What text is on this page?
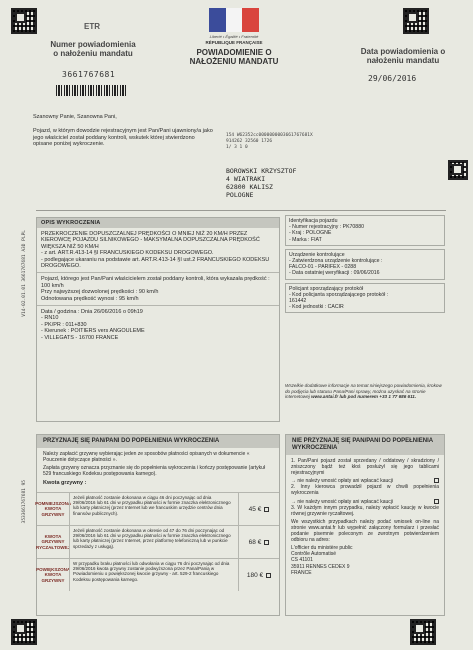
ETR
Numer powiadomienia o nałożeniu mandatu
3661767681
Liberté • Égalité • Fraternité
RÉPUBLIQUE FRANÇAISE
POWIADOMIENIE O NAŁOŻENIU MANDATU
Data powiadomienia o nałożeniu mandatu
29/06/2016
V14-02.01.01 3661767681 A3D PLPL
3533661767681 95
Szanowny Panie, Szanowna Pani,
Pojazd, w którym dowodzie rejestracyjnym jest Pan/Pani ujawniony/a jako jego właściciel został poddany kontroli, wskutek której stwierdzono opisane poniżej wykroczenie.
154 W62352cc0000000003661767681X
914262 32560 1726
1/ 3 1 0
BOROWSKI KRZYSZTOF
4 WIATRAKI
62800 KALISZ
POLOGNE
OPIS WYKROCZENIA
PRZEKROCZENIE DOPUSZCZALNEJ PRĘDKOŚCI O MNIEJ NIŻ 20 KM/H PRZEZ KIEROWCĘ POJAZDU SILNIKOWEGO - MAKSYMALNA DOPUSZCZALNA PRĘDKOŚĆ WIĘKSZA NIŻ 50 KM/H
- z art. ART.R.413-14 §I FRANCUSKIEGO KODEKSU DROGOWEGO.
- podlegające ukaraniu na podstawie art. ART.R.413-14 §I ust.2 FRANCUSKIEGO KODEKSU DROGOWEGO.
Pojazd, którego jest Pan/Pani właścicielem został poddany kontroli, która wykazała prędkość : 100 km/h
Przy najwyższej dozwolonej prędkości : 90 km/h
Odnotowana prędkość wynosi : 95 km/h
Data / godzina : Dnia 26/06/2016 o 09h19
- RN10
- PK/PR : 011+830
- Kierunek : POITIERS vers ANGOULEME
- VILLEGATS - 16700 FRANCE
Identyfikacja pojazdu
- Numer rejestracyjny : PK70880
- Kraj : POLOGNE
- Marka : FIAT
Urządzenie kontrolujące
- Zatwierdzona urządzenie kontrolujące :
FALCO-01 - PARIFEX - 0288
- Data ostatniej weryfikacji : 09/06/2016
Policjant sporządzający protokół
- Kod policjanta sporządzającego protokół :
161442
- Kod jednostki : CACIR
Wszelkie dodatkowe informacje na temat niniejszego powiadomienia, krokow do podjęcia lub statusu Pana/Pani sprawy, można uzyskać na stronie internetowej www.antai.fr lub pod numerem +33 1 77 686 611.
PRZYZNAJĘ SIĘ PAN/PANI DO POPEŁNIENIA WYKROCZENIA
Należy zapłacić grzywnę wybierając jeden ze sposobów płatności opisanych w dokumencie « Pouczenie dotyczące płatności ».
Zapłata grzywny oznacza przyznanie się do popełnienia wykroczenia i kończy postępowanie (artykuł 529 francuskiego Kodeksu postępowania karnego).
Kwota grzywny :
POMNIEJSZONA KWOTA GRZYWNY
Jeżeli płatność zostanie dokonana w ciągu 46 dni poczynając od dnia 29/06/2016 lub 61 dni w przypadku płatności w formie znaczka elektronicznego lub karty płatniczej (przez Internet lub we francuskim urzędzie centrów dnia finansów publicznych).
45 €
KWOTA GRZYWNY RYCZAŁTOWEJ
Jeżeli płatność zostanie dokonana w okresie od 47 do 76 dni poczynając od 29/06/2016 lub 61 dni w przypadku płatności w formie znaczka elektronicznego lub karty płatniczej (przez Internet, przez platformę telefoniczną lub w punkcie sprzedaży z usługą).
68 €
POWIĘKSZONA KWOTA GRZYWNY
W przypadku braku płatności lub odwołania w ciągu 76 dni poczynając od dnia 29/06/2016 kwota grzywny zostanie podwyższona przez Pana/Panią w Powiadomieniu o powiększonej kwocie grzywny - art. 529-2 francuskiego Kodeksu postępowania karnego.
180 €
NIE PRZYZNAJĘ SIĘ PAN/PANI DO POPEŁNIENIA WYKROCZENIA

1. Pan/Pani pojazd został sprzedany / oddatowy / skradziony / zniszczony bądź też kłoś posłużył się jego tablicami rejestracyjnymi

→ nie należy wnosić opłaty ani wpłacać kaucji

2. Inny kierowca prowadził pojazd w chwili popełnienia wykroczenia

→ nie należy wnosić opłaty ani wpłacać kaucji

3. W każdym innym przypadku, należy wpłacić kaucję w kwocie równej grzywnie ryczałtowej.

We wszystkich przypadkach należy podać wniosek on-line na stronie www.antai.fr lub wypełnić załączony formularz i przesłać podanie pisemnie poleconym ze zwrotnym potwierdzeniem odbioru na adres:

L'officier du ministère public
Contrôle Automatisé
CS 41101
35911 RENNES CEDEX 9
FRANCE
